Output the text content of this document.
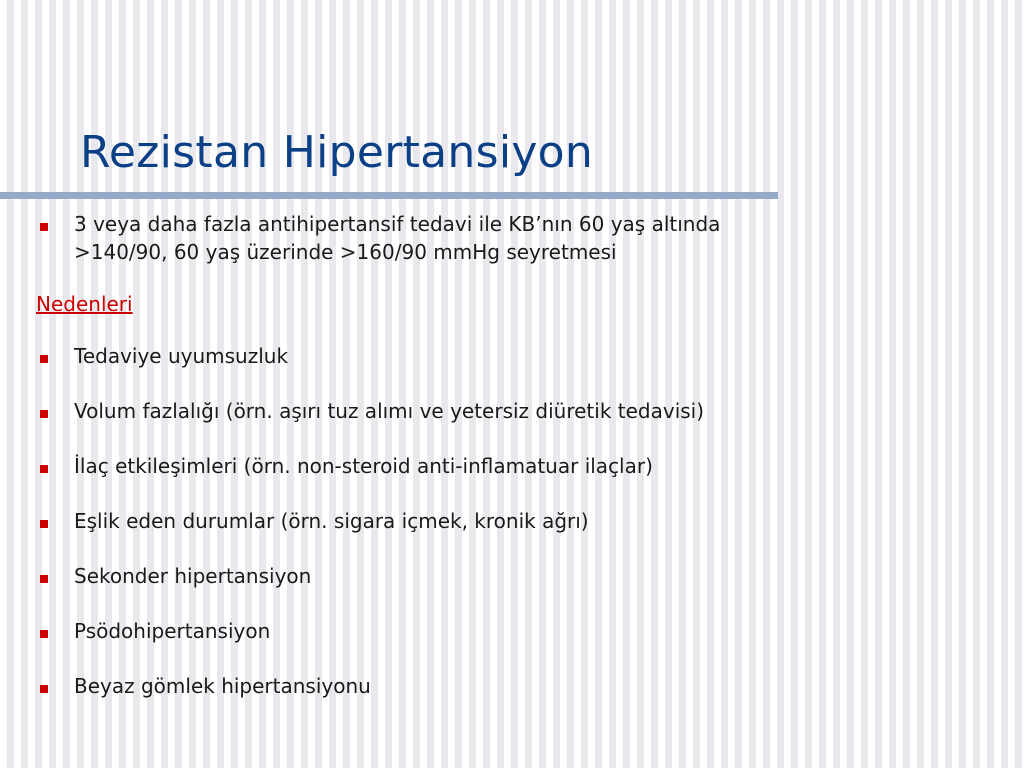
Rezistan Hipertansiyon
3 veya daha fazla antihipertansif tedavi ile KB’nın 60 yaş altında
>140/90, 60 yaş üzerinde >160/90 mmHg seyretmesi
Nedenleri
Tedaviye uyumsuzluk
Volum fazlalığı (örn. aşırı tuz alımı ve yetersiz diüretik tedavisi)
İlaç etkileşimleri (örn. non-steroid anti-inflamatuar ilaçlar)
Eşlik eden durumlar (örn. sigara içmek, kronik ağrı)
Sekonder hipertansiyon
Psödohipertansiyon
Beyaz gömlek hipertansiyonu
